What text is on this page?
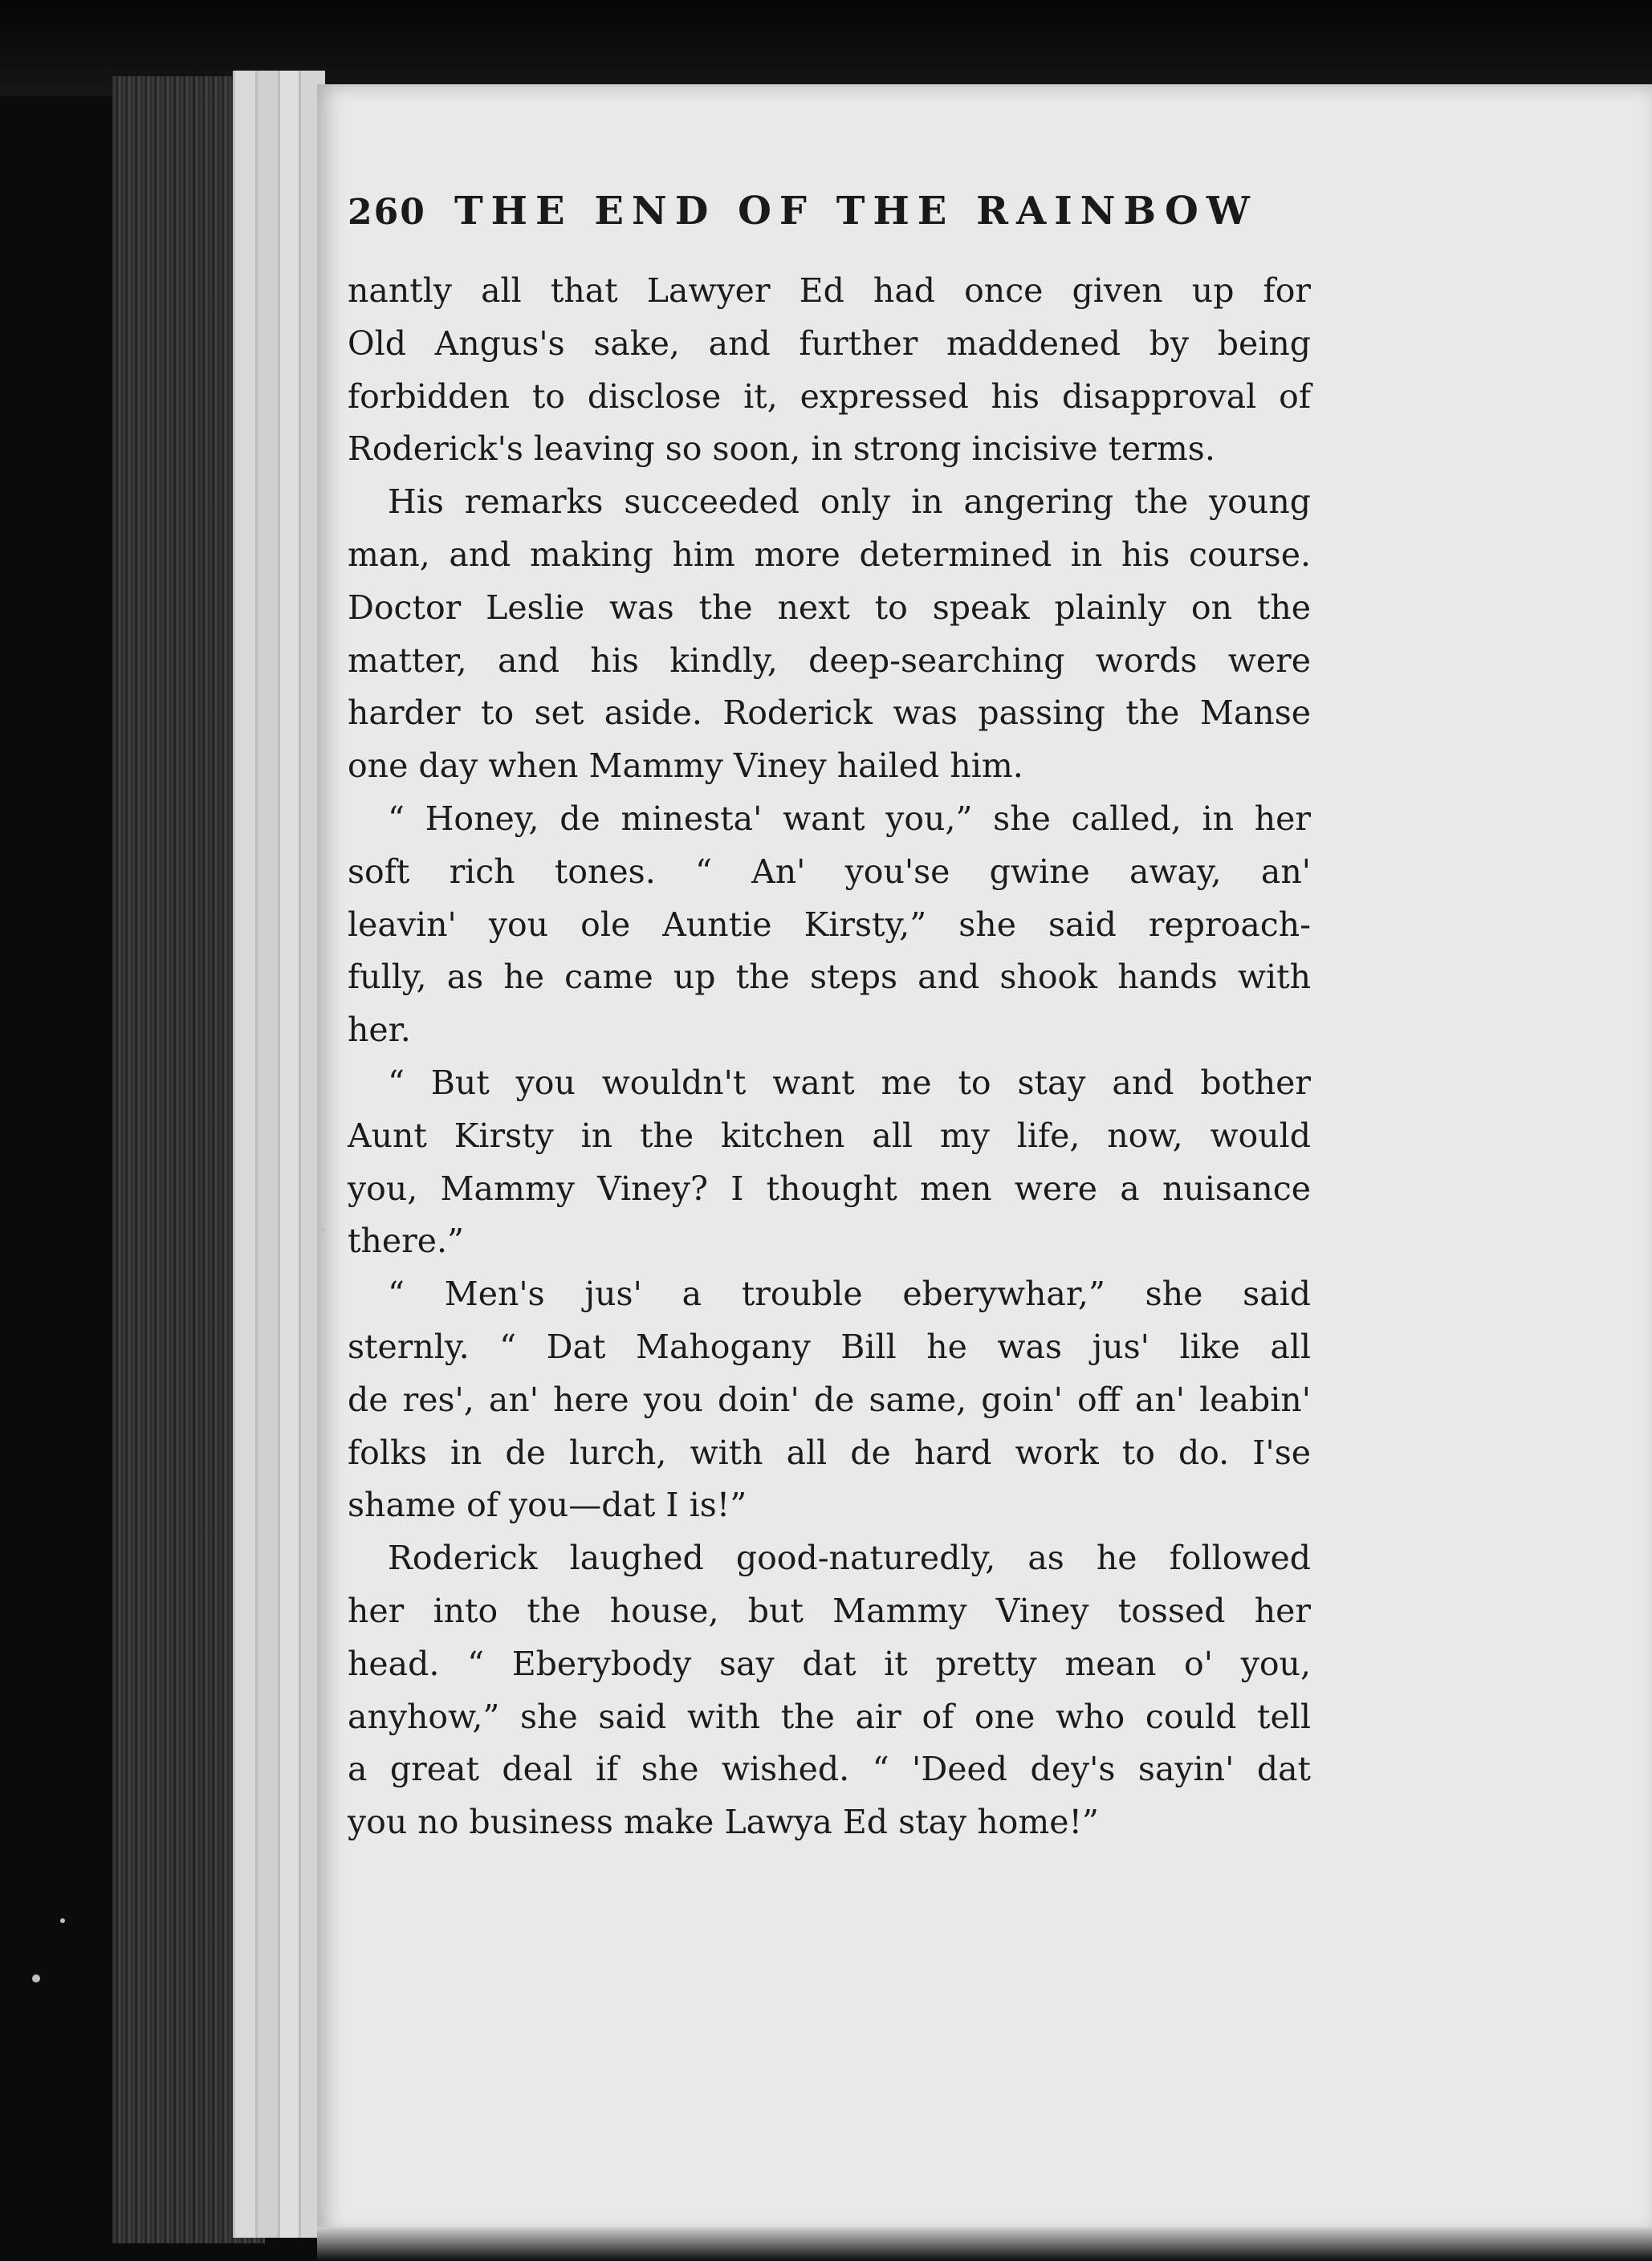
260 THE END OF THE RAINBOW
nantly all that Lawyer Ed had once given up for
Old Angus's sake, and further maddened by being
forbidden to disclose it, expressed his disapproval of
Roderick's leaving so soon, in strong incisive terms.
His remarks succeeded only in angering the young
man, and making him more determined in his course.
Doctor Leslie was the next to speak plainly on the
matter, and his kindly, deep-searching words were
harder to set aside. Roderick was passing the Manse
one day when Mammy Viney hailed him.
“ Honey, de minesta' want you,” she called, in her
soft rich tones. “ An' you'se gwine away, an'
leavin' you ole Auntie Kirsty,” she said reproach-
fully, as he came up the steps and shook hands with
her.
“ But you wouldn't want me to stay and bother
Aunt Kirsty in the kitchen all my life, now, would
you, Mammy Viney? I thought men were a nuisance
there.”
“ Men's jus' a trouble eberywhar,” she said
sternly. “ Dat Mahogany Bill he was jus' like all
de res', an' here you doin' de same, goin' off an' leabin'
folks in de lurch, with all de hard work to do. I'se
shame of you—dat I is!”
Roderick laughed good-naturedly, as he followed
her into the house, but Mammy Viney tossed her
head. “ Eberybody say dat it pretty mean o' you,
anyhow,” she said with the air of one who could tell
a great deal if she wished. “ 'Deed dey's sayin' dat
you no business make Lawya Ed stay home!”
